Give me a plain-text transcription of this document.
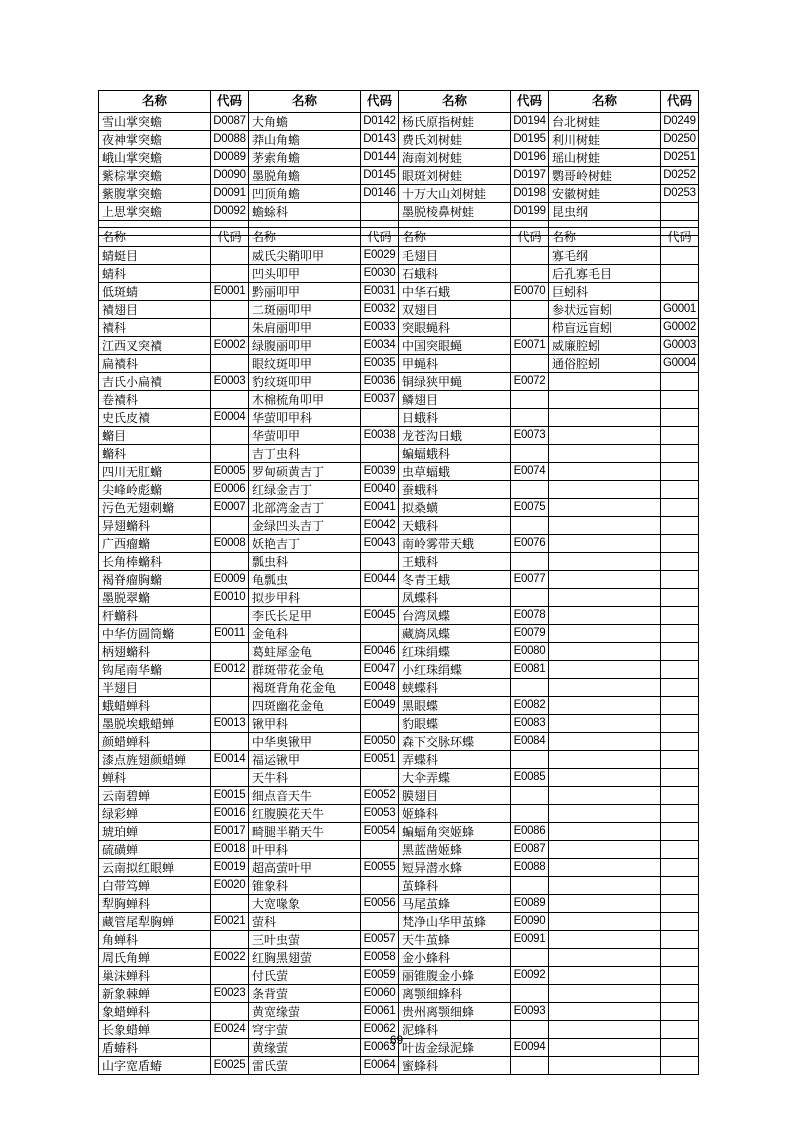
名称	代码	名称	代码	名称	代码	名称	代码
雪山掌突蟾	D0087	大角蟾	D0142	杨氏原指树蛙	D0194	台北树蛙	D0249
夜神掌突蟾	D0088	莽山角蟾	D0143	费氏刘树蛙	D0195	利川树蛙	D0250
峨山掌突蟾	D0089	茅索角蟾	D0144	海南刘树蛙	D0196	瑶山树蛙	D0251
紫棕掌突蟾	D0090	墨脱角蟾	D0145	眼斑刘树蛙	D0197	鹦哥岭树蛙	D0252
紫腹掌突蟾	D0091	凹顶角蟾	D0146	十万大山刘树蛙	D0198	安徽树蛙	D0253
上思掌突蟾	D0092	蟾蜍科		墨脱棱鼻树蛙	D0199	昆虫纲	

名称	代码	名称	代码	名称	代码	名称	代码
蜻蜓目		威氏尖鞘叩甲	E0029	毛翅目		寡毛纲	
蜻科		凹头叩甲	E0030	石蛾科		后孔寡毛目	
低斑蜻	E0001	黔丽叩甲	E0031	中华石蛾	E0070	巨蚓科	
襀翅目		二斑丽叩甲	E0032	双翅目		参状远盲蚓	G0001
襀科		朱肩丽叩甲	E0033	突眼蝇科		栉盲远盲蚓	G0002
江西叉突襀	E0002	绿腹丽叩甲	E0034	中国突眼蝇	E0071	威廉腔蚓	G0003
扁襀科		眼纹斑叩甲	E0035	甲蝇科		通俗腔蚓	G0004
吉氏小扁襀	E0003	豹纹斑叩甲	E0036	铜绿狭甲蝇	E0072		
卷襀科		木棉梳角叩甲	E0037	鳞翅目			
史氏皮襀	E0004	华萤叩甲科		日蛾科			
䗛目		华萤叩甲	E0038	龙苍沟日蛾	E0073		
䗛科		吉丁虫科		蝙蝠蛾科			
四川无肛䗛	E0005	罗甸硕黄吉丁	E0039	虫草蝠蛾	E0074		
尖峰岭彪䗛	E0006	红绿金吉丁	E0040	蚕蛾科			
污色无翅刺䗛	E0007	北部湾金吉丁	E0041	拟桑蟥	E0075		
异翅䗛科		金绿凹头吉丁	E0042	天蛾科			
广西瘤䗛	E0008	妖艳吉丁	E0043	南岭雾带天蛾	E0076		
长角棒䗛科		瓢虫科		王蛾科			
褐脊瘤胸䗛	E0009	龟瓢虫	E0044	冬青王蛾	E0077		
墨脱翠䗛	E0010	拟步甲科		凤蝶科			
杆䗛科		李氏长足甲	E0045	台湾凤蝶	E0078		
中华仿圆筒䗛	E0011	金龟科		藏旖凤蝶	E0079		
柄翅䗛科		葛蛀犀金龟	E0046	红珠绢蝶	E0080		
钩尾南华䗛	E0012	群斑带花金龟	E0047	小红珠绢蝶	E0081		
半翅目		褐斑背角花金龟	E0048	蛱蝶科			
蛾蜡蝉科		四斑幽花金龟	E0049	黑眼蝶	E0082		
墨脱埃蛾蜡蝉	E0013	锹甲科		豹眼蝶	E0083		
颜蜡蝉科		中华奥锹甲	E0050	森下交脉环蝶	E0084		
漆点旌翅颜蜡蝉	E0014	福运锹甲	E0051	弄蝶科			
蝉科		天牛科		大伞弄蝶	E0085		
云南碧蝉	E0015	细点音天牛	E0052	膜翅目			
绿彩蝉	E0016	红腹膜花天牛	E0053	姬蜂科			
琥珀蝉	E0017	畸腿半鞘天牛	E0054	蝙蝠角突姬蜂	E0086		
硫磺蝉	E0018	叶甲科		黑蓝凿姬蜂	E0087		
云南拟红眼蝉	E0019	超高萤叶甲	E0055	短异潜水蜂	E0088		
白带笃蝉	E0020	锥象科		茧蜂科			
犁胸蝉科		大宽喙象	E0056	马尾茧蜂	E0089		
藏管尾犁胸蝉	E0021	萤科		梵净山华甲茧蜂	E0090		
角蝉科		三叶虫萤	E0057	天牛茧蜂	E0091		
周氏角蝉	E0022	红胸黑翅萤	E0058	金小蜂科			
巢沫蝉科		付氏萤	E0059	丽锥腹金小蜂	E0092		
新象棘蝉	E0023	条背萤	E0060	离颚细蜂科			
象蜡蝉科		黄宽缘萤	E0061	贵州离颚细蜂	E0093		
长象蜡蝉	E0024	穹宇萤	E0062	泥蜂科			
盾蝽科		黄缘萤	E0063	叶齿金绿泥蜂	E0094		
山字宽盾蝽	E0025	雷氏萤	E0064	蜜蜂科			
69
